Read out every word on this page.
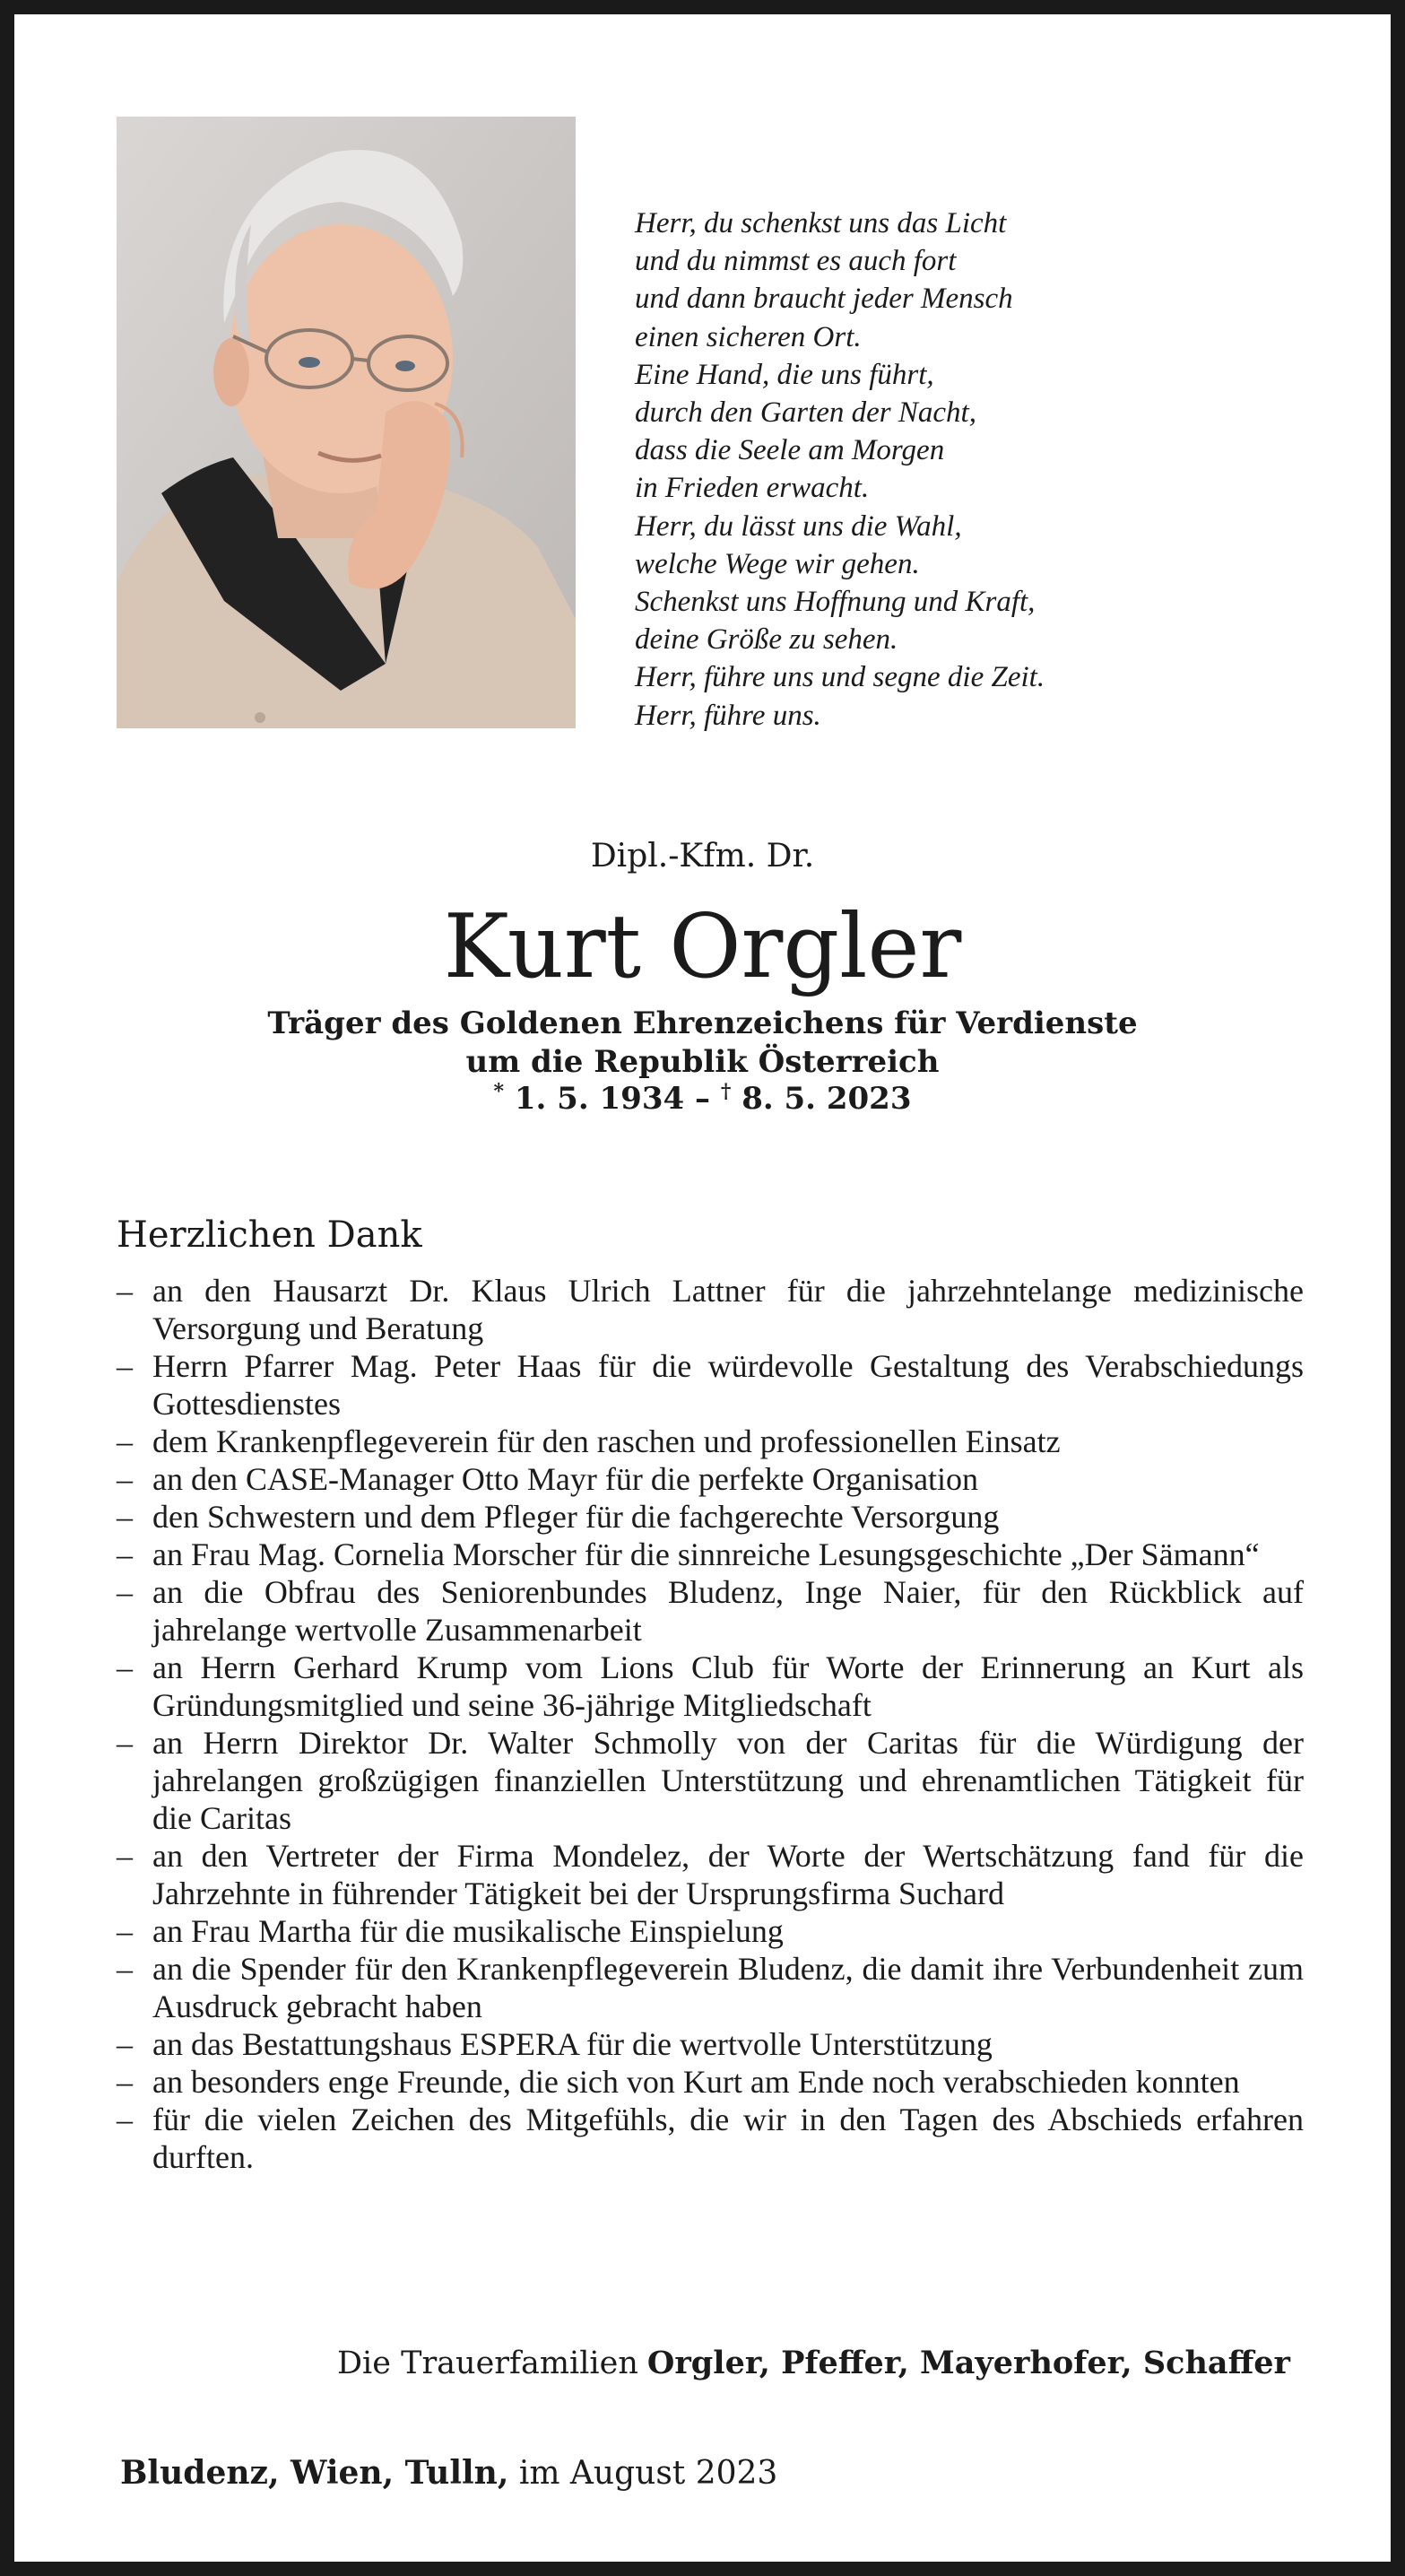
Herr, du schenkst uns das Licht
und du nimmst es auch fort
und dann braucht jeder Mensch
einen sicheren Ort.
Eine Hand, die uns führt,
durch den Garten der Nacht,
dass die Seele am Morgen
in Frieden erwacht.
Herr, du lässt uns die Wahl,
welche Wege wir gehen.
Schenkst uns Hoffnung und Kraft,
deine Größe zu sehen.
Herr, führe uns und segne die Zeit.
Herr, führe uns.
Dipl.-Kfm. Dr.
Kurt Orgler
Träger des Goldenen Ehrenzeichens für Verdienste
um die Republik Österreich
* 1. 5. 1934 – † 8. 5. 2023
Herzlichen Dank
– an den Hausarzt Dr. Klaus Ulrich Lattner für die jahrzehntelange medizinische Versorgung und Beratung
– Herrn Pfarrer Mag. Peter Haas für die würdevolle Gestaltung des Verabschiedungs Gottesdienstes
– dem Krankenpflegeverein für den raschen und professionellen Einsatz
– an den CASE-Manager Otto Mayr für die perfekte Organisation
– den Schwestern und dem Pfleger für die fachgerechte Versorgung
– an Frau Mag. Cornelia Morscher für die sinnreiche Lesungsgeschichte „Der Sämann“
– an die Obfrau des Seniorenbundes Bludenz, Inge Naier, für den Rückblick auf jahrelange wertvolle Zusammenarbeit
– an Herrn Gerhard Krump vom Lions Club für Worte der Erinnerung an Kurt als Gründungsmitglied und seine 36-jährige Mitgliedschaft
– an Herrn Direktor Dr. Walter Schmolly von der Caritas für die Würdigung der jahrelangen großzügigen finanziellen Unterstützung und ehrenamtlichen Tätigkeit für die Caritas
– an den Vertreter der Firma Mondelez, der Worte der Wertschätzung fand für die Jahrzehnte in führender Tätigkeit bei der Ursprungsfirma Suchard
– an Frau Martha für die musikalische Einspielung
– an die Spender für den Krankenpflegeverein Bludenz, die damit ihre Verbundenheit zum Ausdruck gebracht haben
– an das Bestattungshaus ESPERA für die wertvolle Unterstützung
– an besonders enge Freunde, die sich von Kurt am Ende noch verabschieden konnten
– für die vielen Zeichen des Mitgefühls, die wir in den Tagen des Abschieds erfahren durften.
Die Trauerfamilien Orgler, Pfeffer, Mayerhofer, Schaffer
Bludenz, Wien, Tulln, im August 2023
